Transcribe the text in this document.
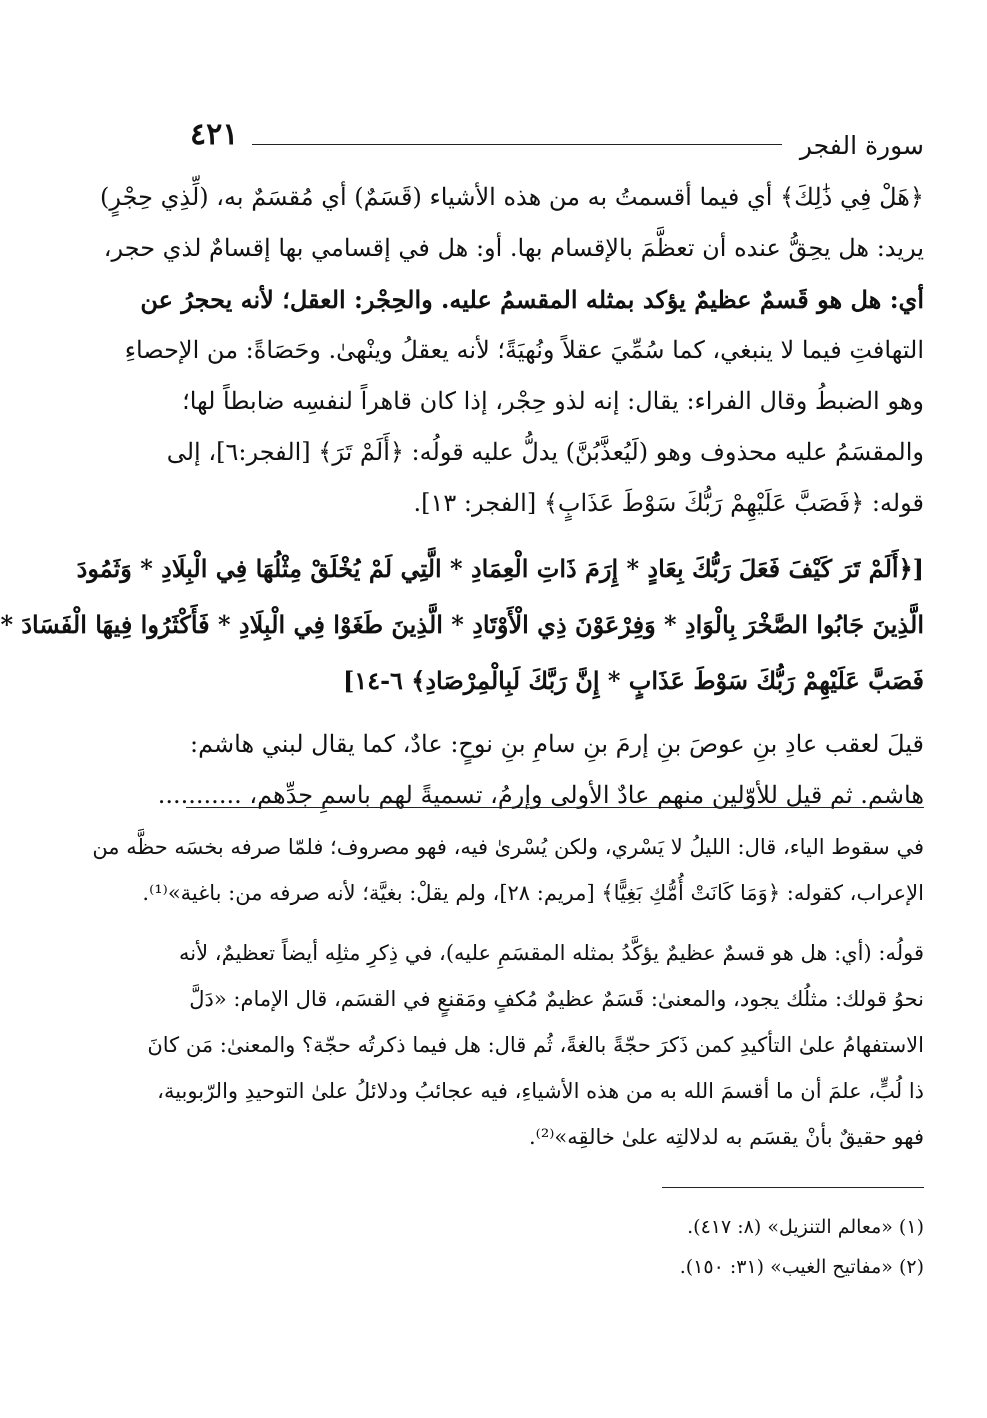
سورة الفجر
٤٢١
﴿هَلْ فِي ذَٰلِكَ﴾ أي فيما أقسمتُ به من هذه الأشياء (قَسَمٌ) أي مُقسَمٌ به، (لِّذِي حِجْرٍ)
يريد: هل يحِقُّ عنده أن تعظَّمَ بالإقسام بها. أو: هل في إقسامي بها إقسامٌ لذي حجر،
أي: هل هو قَسمٌ عظيمٌ يؤكد بمثله المقسمُ عليه. والحِجْر: العقل؛ لأنه يحجرُ عن
التهافتِ فيما لا ينبغي، كما سُمِّيَ عقلاً ونُهيَةً؛ لأنه يعقلُ وينْهىٰ. وحَصَاةً: من الإحصاءِ
وهو الضبطُ وقال الفراء: يقال: إنه لذو حِجْر، إذا كان قاهراً لنفسِه ضابطاً لها؛
والمقسَمُ عليه محذوف وهو (لَيُعذَّبُنَّ) يدلُّ عليه قولُه: ﴿أَلَمْ تَرَ﴾ [الفجر:٦]، إلى
قوله: ﴿فَصَبَّ عَلَيْهِمْ رَبُّكَ سَوْطَ عَذَابٍ﴾ [الفجر: ١٣].
[﴿أَلَمْ تَرَ كَيْفَ فَعَلَ رَبُّكَ بِعَادٍ * إِرَمَ ذَاتِ الْعِمَادِ * الَّتِي لَمْ يُخْلَقْ مِثْلُهَا فِي الْبِلَادِ * وَثَمُودَ
الَّذِينَ جَابُوا الصَّخْرَ بِالْوَادِ * وَفِرْعَوْنَ ذِي الْأَوْتَادِ * الَّذِينَ طَغَوْا فِي الْبِلَادِ * فَأَكْثَرُوا فِيهَا الْفَسَادَ *
فَصَبَّ عَلَيْهِمْ رَبُّكَ سَوْطَ عَذَابٍ * إِنَّ رَبَّكَ لَبِالْمِرْصَادِ﴾ ٦-١٤]
قيلَ لعقب عادِ بنِ عوصَ بنِ إرمَ بنِ سامِ بنِ نوحٍ: عادٌ، كما يقال لبني هاشم:
هاشم. ثم قيل للأوّلين منهم عادٌ الأولى وإرمُ، تسميةً لهم باسمِ جدِّهم، ...........
في سقوط الياء، قال: الليلُ لا يَسْري، ولكن يُسْرىٰ فيه، فهو مصروف؛ فلمّا صرفه بخسَه حظَّه من
الإعراب، كقوله: ﴿وَمَا كَانَتْ أُمُّكِ بَغِيًّا﴾ [مريم: ٢٨]، ولم يقلْ: بغيَّة؛ لأنه صرفه من: باغية»⁽¹⁾.
قولُه: (أي: هل هو قسمٌ عظيمٌ يؤكَّدُ بمثله المقسَمِ عليه)، في ذِكرِ مثلِه أيضاً تعظيمٌ، لأنه
نحوُ قولك: مثلُك يجود، والمعنىٰ: قَسَمٌ عظيمٌ مُكفٍ ومَقنعٍ في القسَم، قال الإمام: «دَلَّ
الاستفهامُ علىٰ التأكيدِ كمن ذَكرَ حجّةً بالغةً، ثُم قال: هل فيما ذكرتُه حجّة؟ والمعنىٰ: مَن كانَ
ذا لُبٍّ، علمَ أن ما أقسمَ الله به من هذه الأشياءِ، فيه عجائبُ ودلائلُ علىٰ التوحيدِ والرّبوبية،
فهو حقيقٌ بأنْ يقسَم به لدلالتِه علىٰ خالقِه»⁽²⁾.
(١) «معالم التنزيل» (٨: ٤١٧).
(٢) «مفاتيح الغيب» (٣١: ١٥٠).
